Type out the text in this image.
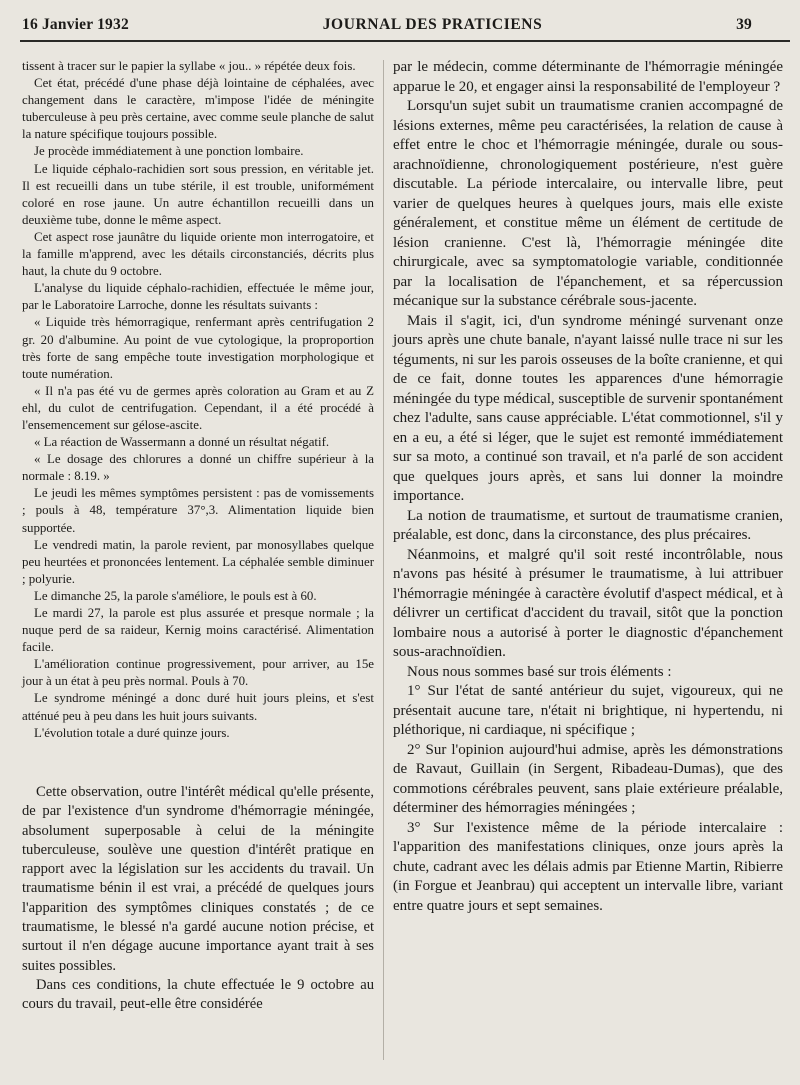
16 Janvier 1932	JOURNAL DES PRATICIENS	39

tissent à tracer sur le papier la syllabe « jou.. » répétée deux fois.

Cet état, précédé d'une phase déjà lointaine de céphalées, avec changement dans le caractère, m'impose l'idée de méningite tuberculeuse à peu près certaine, avec comme seule planche de salut la nature spécifique toujours possible.

Je procède immédiatement à une ponction lombaire.

Le liquide céphalo-rachidien sort sous pression, en véritable jet. Il est recueilli dans un tube stérile, il est trouble, uniformément coloré en rose jaune. Un autre échantillon recueilli dans un deuxième tube, donne le même aspect.

Cet aspect rose jaunâtre du liquide oriente mon interrogatoire, et la famille m'apprend, avec les détails circonstanciés, décrits plus haut, la chute du 9 octobre.

L'analyse du liquide céphalo-rachidien, effectuée le même jour, par le Laboratoire Larroche, donne les résultats suivants :

« Liquide très hémorragique, renfermant après centrifugation 2 gr. 20 d'albumine. Au point de vue cytologique, la proproportion très forte de sang empêche toute investigation morphologique et toute numération.

« Il n'a pas été vu de germes après coloration au Gram et au Z ehl, du culot de centrifugation. Cependant, il a été procédé à l'ensemencement sur gélose-ascite.

« La réaction de Wassermann a donné un résultat négatif.

« Le dosage des chlorures a donné un chiffre supérieur à la normale : 8.19. »

Le jeudi les mêmes symptômes persistent : pas de vomissements ; pouls à 48, température 37°,3. Alimentation liquide bien supportée.

Le vendredi matin, la parole revient, par monosyllabes quelque peu heurtées et prononcées lentement. La céphalée semble diminuer ; polyurie.

Le dimanche 25, la parole s'améliore, le pouls est à 60.

Le mardi 27, la parole est plus assurée et presque normale ; la nuque perd de sa raideur, Kernig moins caractérisé. Alimentation facile.

L'amélioration continue progressivement, pour arriver, au 15e jour à un état à peu près normal. Pouls à 70.

Le syndrome méningé a donc duré huit jours pleins, et s'est atténué peu à peu dans les huit jours suivants.

L'évolution totale a duré quinze jours.

Cette observation, outre l'intérêt médical qu'elle présente, de par l'existence d'un syndrome d'hémorragie méningée, absolument superposable à celui de la méningite tuberculeuse, soulève une question d'intérêt pratique en rapport avec la législation sur les accidents du travail. Un traumatisme bénin il est vrai, a précédé de quelques jours l'apparition des symptômes cliniques constatés ; de ce traumatisme, le blessé n'a gardé aucune notion précise, et surtout il n'en dégage aucune importance ayant trait à ses suites possibles.

Dans ces conditions, la chute effectuée le 9 octobre au cours du travail, peut-elle être considérée

par le médecin, comme déterminante de l'hémorragie méningée apparue le 20, et engager ainsi la responsabilité de l'employeur ?

Lorsqu'un sujet subit un traumatisme cranien accompagné de lésions externes, même peu caractérisées, la relation de cause à effet entre le choc et l'hémorragie méningée, durale ou sous-arachnoïdienne, chronologiquement postérieure, n'est guère discutable. La période intercalaire, ou intervalle libre, peut varier de quelques heures à quelques jours, mais elle existe généralement, et constitue même un élément de certitude de lésion cranienne. C'est là, l'hémorragie méningée dite chirurgicale, avec sa symptomatologie variable, conditionnée par la localisation de l'épanchement, et sa répercussion mécanique sur la substance cérébrale sous-jacente.

Mais il s'agit, ici, d'un syndrome méningé survenant onze jours après une chute banale, n'ayant laissé nulle trace ni sur les téguments, ni sur les parois osseuses de la boîte cranienne, et qui de ce fait, donne toutes les apparences d'une hémorragie méningée du type médical, susceptible de survenir spontanément chez l'adulte, sans cause appréciable. L'état commotionnel, s'il y en a eu, a été si léger, que le sujet est remonté immédiatement sur sa moto, a continué son travail, et n'a parlé de son accident que quelques jours après, et sans lui donner la moindre importance.

La notion de traumatisme, et surtout de traumatisme cranien, préalable, est donc, dans la circonstance, des plus précaires.

Néanmoins, et malgré qu'il soit resté incontrôlable, nous n'avons pas hésité à présumer le traumatisme, à lui attribuer l'hémorragie méningée à caractère évolutif d'aspect médical, et à délivrer un certificat d'accident du travail, sitôt que la ponction lombaire nous a autorisé à porter le diagnostic d'épanchement sous-arachnoïdien.

Nous nous sommes basé sur trois éléments :

1° Sur l'état de santé antérieur du sujet, vigoureux, qui ne présentait aucune tare, n'était ni brightique, ni hypertendu, ni pléthorique, ni cardiaque, ni spécifique ;

2° Sur l'opinion aujourd'hui admise, après les démonstrations de Ravaut, Guillain (in Sergent, Ribadeau-Dumas), que des commotions cérébrales peuvent, sans plaie extérieure préalable, déterminer des hémorragies méningées ;

3° Sur l'existence même de la période intercalaire : l'apparition des manifestations cliniques, onze jours après la chute, cadrant avec les délais admis par Etienne Martin, Ribierre (in Forgue et Jeanbrau) qui acceptent un intervalle libre, variant entre quatre jours et sept semaines.
